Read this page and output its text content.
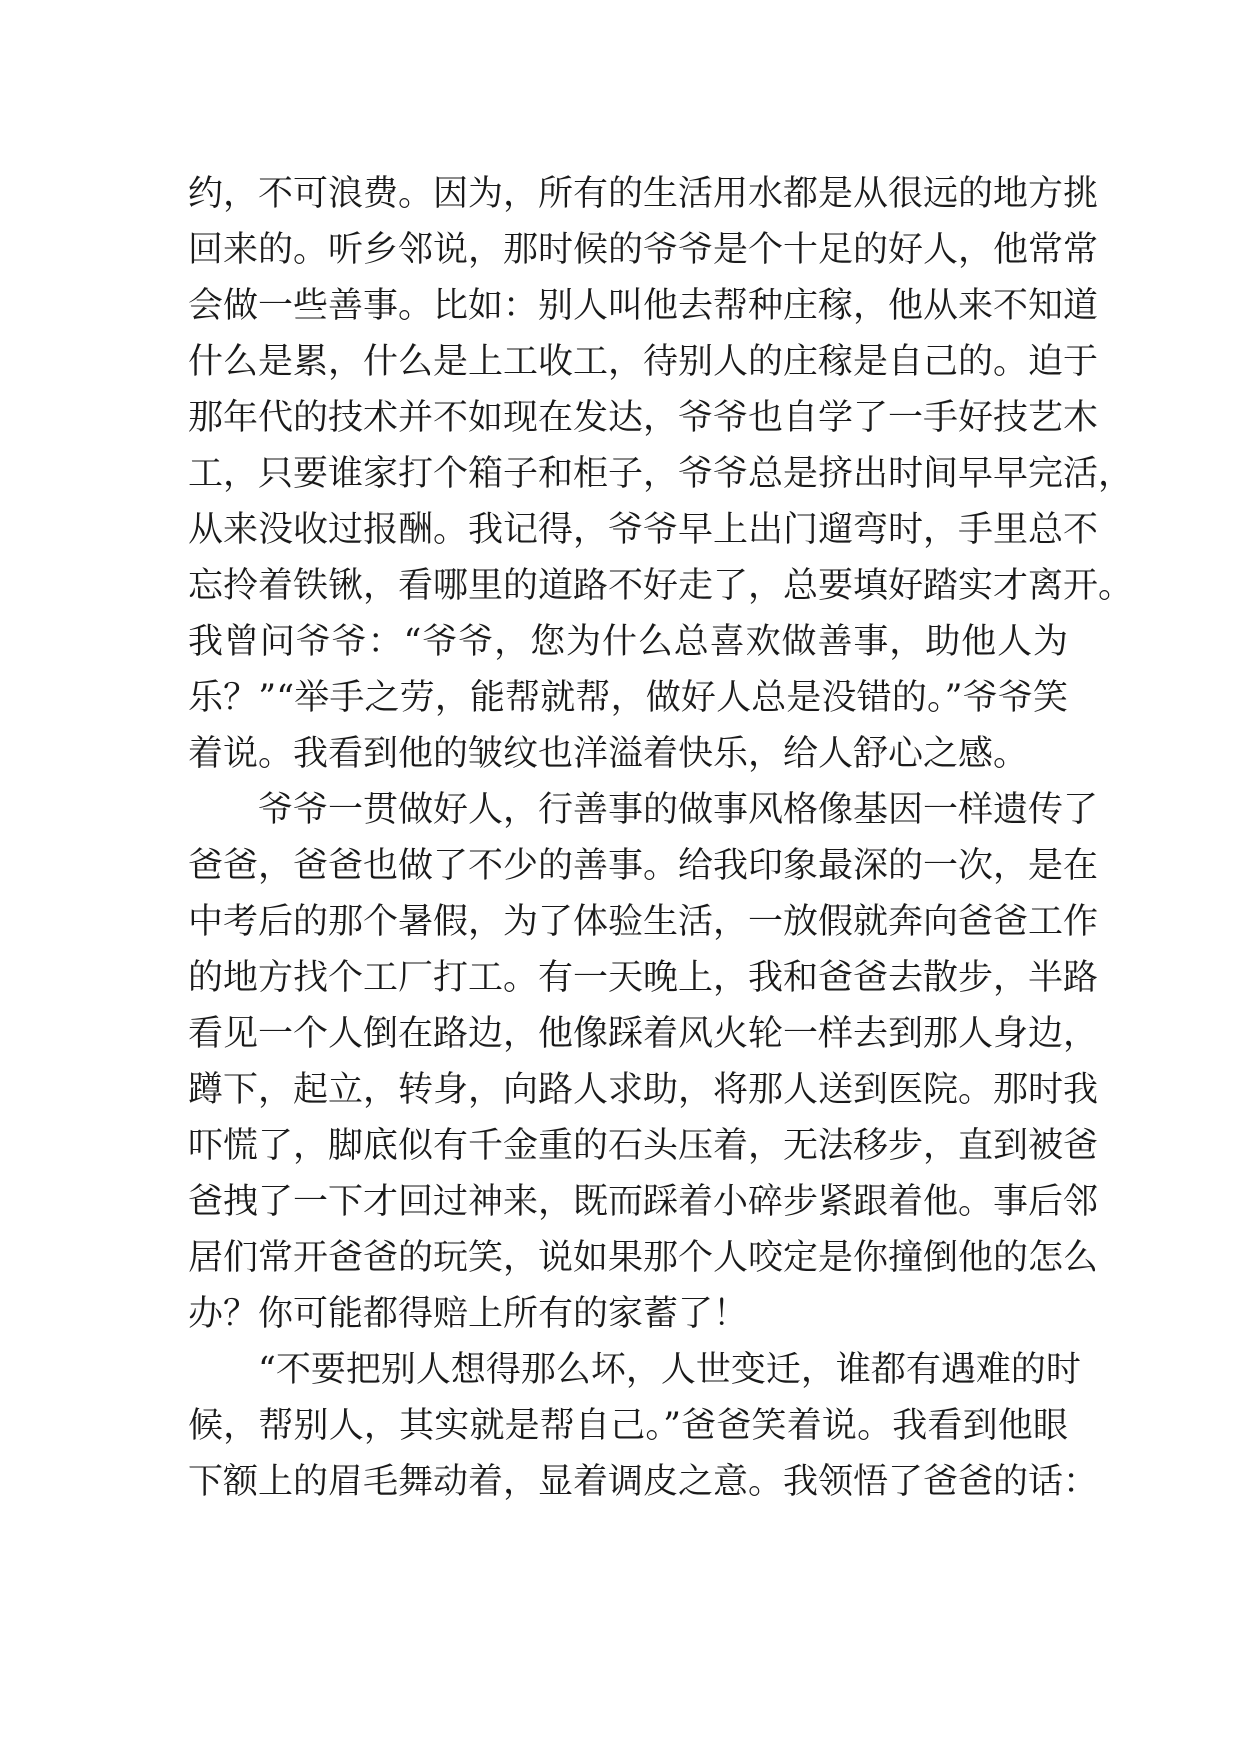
约，不可浪费。因为，所有的生活用水都是从很远的地方挑
回来的。听乡邻说，那时候的爷爷是个十足的好人，他常常
会做一些善事。比如：别人叫他去帮种庄稼，他从来不知道
什么是累，什么是上工收工，待别人的庄稼是自己的。迫于
那年代的技术并不如现在发达，爷爷也自学了一手好技艺木
工，只要谁家打个箱子和柜子，爷爷总是挤出时间早早完活，
从来没收过报酬。我记得，爷爷早上出门遛弯时，手里总不
忘拎着铁锹，看哪里的道路不好走了，总要填好踏实才离开。
我曾问爷爷：“爷爷，您为什么总喜欢做善事，助他人为
乐？”“举手之劳，能帮就帮，做好人总是没错的。”爷爷笑
着说。我看到他的皱纹也洋溢着快乐，给人舒心之感。
爷爷一贯做好人，行善事的做事风格像基因一样遗传了
爸爸，爸爸也做了不少的善事。给我印象最深的一次，是在
中考后的那个暑假，为了体验生活，一放假就奔向爸爸工作
的地方找个工厂打工。有一天晚上，我和爸爸去散步，半路
看见一个人倒在路边，他像踩着风火轮一样去到那人身边，
蹲下，起立，转身，向路人求助，将那人送到医院。那时我
吓慌了，脚底似有千金重的石头压着，无法移步，直到被爸
爸拽了一下才回过神来，既而踩着小碎步紧跟着他。事后邻
居们常开爸爸的玩笑，说如果那个人咬定是你撞倒他的怎么
办？你可能都得赔上所有的家蓄了！
“不要把别人想得那么坏，人世变迁，谁都有遇难的时
候，帮别人，其实就是帮自己。”爸爸笑着说。我看到他眼
下额上的眉毛舞动着，显着调皮之意。我领悟了爸爸的话：
